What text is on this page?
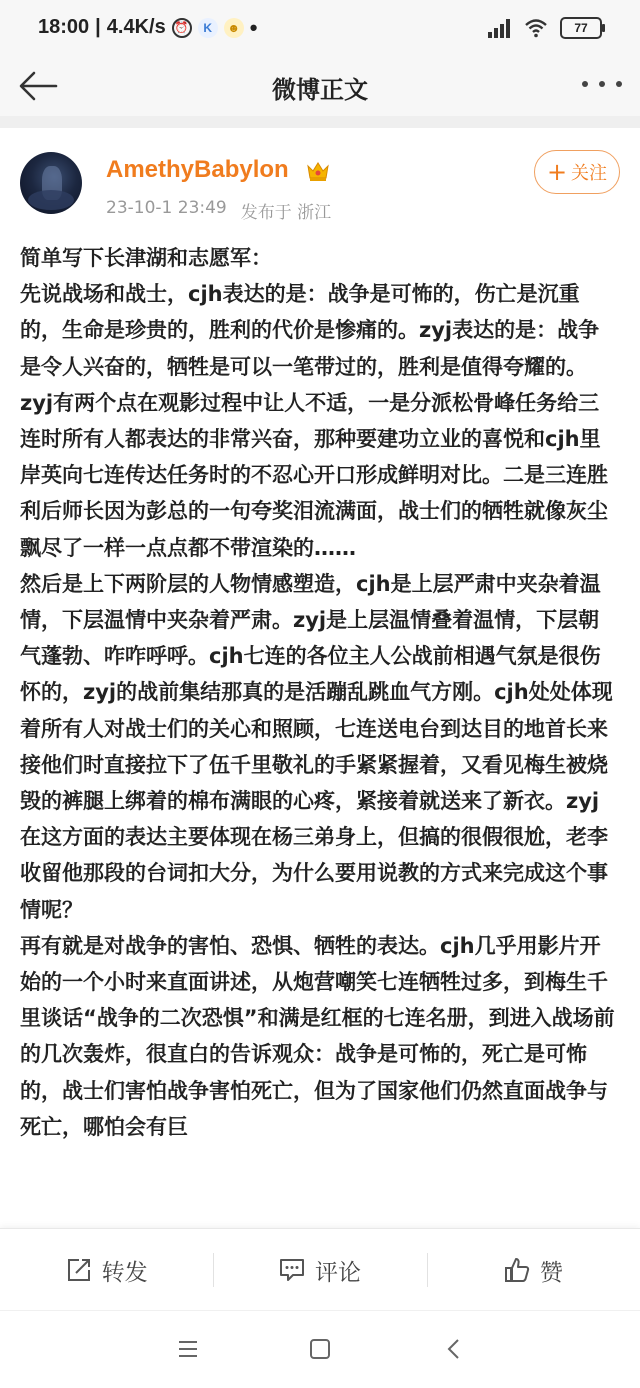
18:00 | 4.4K/s ⏰	K	☻ •	77
微博正文
AmethyBabylon
23-10-1 23:49 发布于 浙江
+ 关注

简单写下长津湖和志愿军：

先说战场和战士，cjh表达的是：战争是可怖的，伤亡是沉重的，生命是珍贵的，胜利的代价是惨痛的。zyj表达的是：战争是令人兴奋的，牺牲是可以一笔带过的，胜利是值得夸耀的。zyj有两个点在观影过程中让人不适，一是分派松骨峰任务给三连时所有人都表达的非常兴奋，那种要建功立业的喜悦和cjh里岸英向七连传达任务时的不忍心开口形成鲜明对比。二是三连胜利后师长因为彭总的一句夸奖泪流满面，战士们的牺牲就像灰尘飘尽了一样一点点都不带渲染的……

然后是上下两阶层的人物情感塑造，cjh是上层严肃中夹杂着温情，下层温情中夹杂着严肃。zyj是上层温情叠着温情，下层朝气蓬勃、咋咋呼呼。cjh七连的各位主人公战前相遇气氛是很伤怀的，zyj的战前集结那真的是活蹦乱跳血气方刚。cjh处处体现着所有人对战士们的关心和照顾，七连送电台到达目的地首长来接他们时直接拉下了伍千里敬礼的手紧紧握着，又看见梅生被烧毁的裤腿上绑着的棉布满眼的心疼，紧接着就送来了新衣。zyj在这方面的表达主要体现在杨三弟身上，但搞的很假很尬，老李收留他那段的台词扣大分，为什么要用说教的方式来完成这个事情呢？

再有就是对战争的害怕、恐惧、牺牲的表达。cjh几乎用影片开始的一个小时来直面讲述，从炮营嘲笑七连牺牲过多，到梅生千里谈话“战争的二次恐惧”和满是红框的七连名册，到进入战场前的几次轰炸，很直白的告诉观众：战争是可怖的，死亡是可怖的，战士们害怕战争害怕死亡，但为了国家他们仍然直面战争与死亡，哪怕会有巨

转发	评论	赞
